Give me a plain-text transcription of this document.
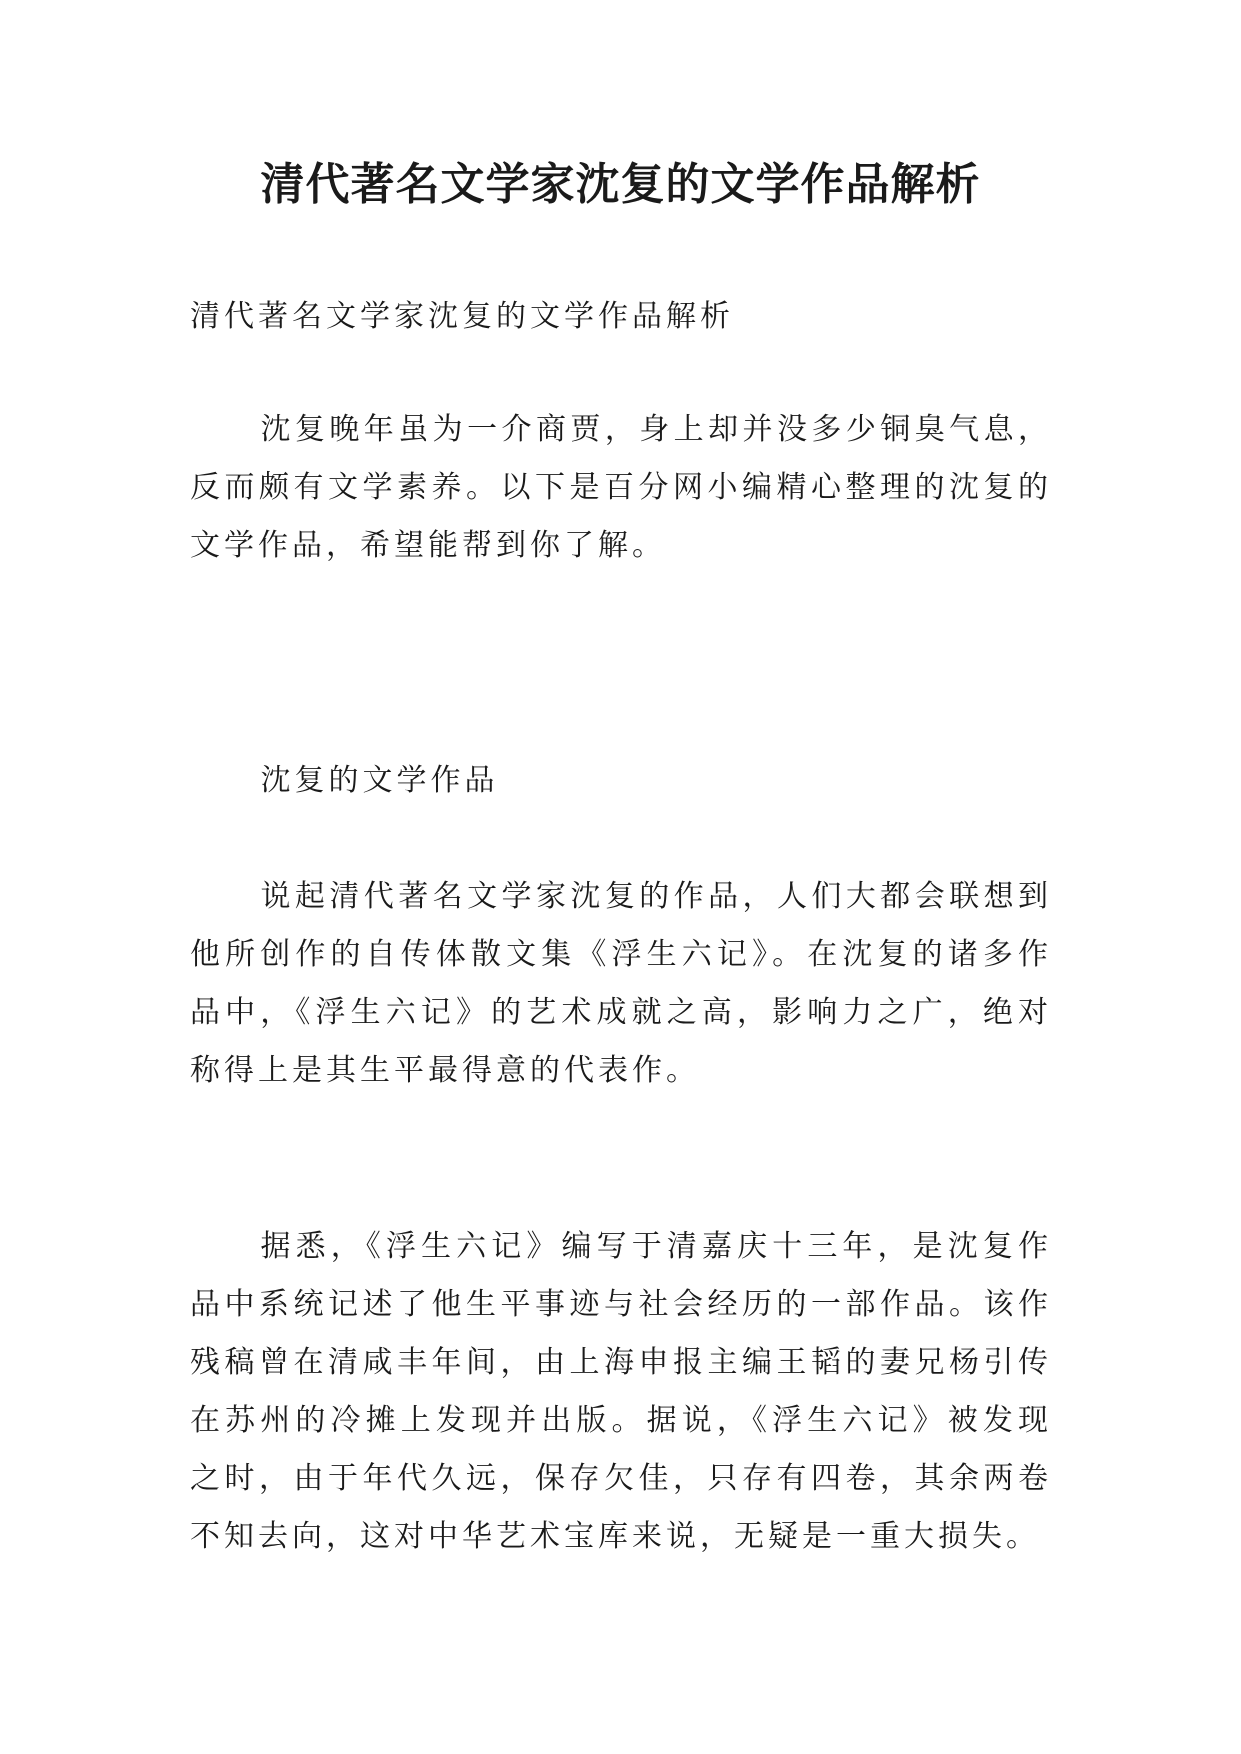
清代著名文学家沈复的文学作品解析

清代著名文学家沈复的文学作品解析

沈复晚年虽为一介商贾，身上却并没多少铜臭气息，反而颇有文学素养。以下是百分网小编精心整理的沈复的文学作品，希望能帮到你了解。

沈复的文学作品

说起清代著名文学家沈复的作品，人们大都会联想到他所创作的自传体散文集《浮生六记》。在沈复的诸多作品中，《浮生六记》的艺术成就之高，影响力之广，绝对称得上是其生平最得意的代表作。

据悉，《浮生六记》编写于清嘉庆十三年，是沈复作品中系统记述了他生平事迹与社会经历的一部作品。该作残稿曾在清咸丰年间，由上海申报主编王韬的妻兄杨引传在苏州的冷摊上发现并出版。据说，《浮生六记》被发现之时，由于年代久远，保存欠佳，只存有四卷，其余两卷不知去向，这对中华艺术宝库来说，无疑是一重大损失。
